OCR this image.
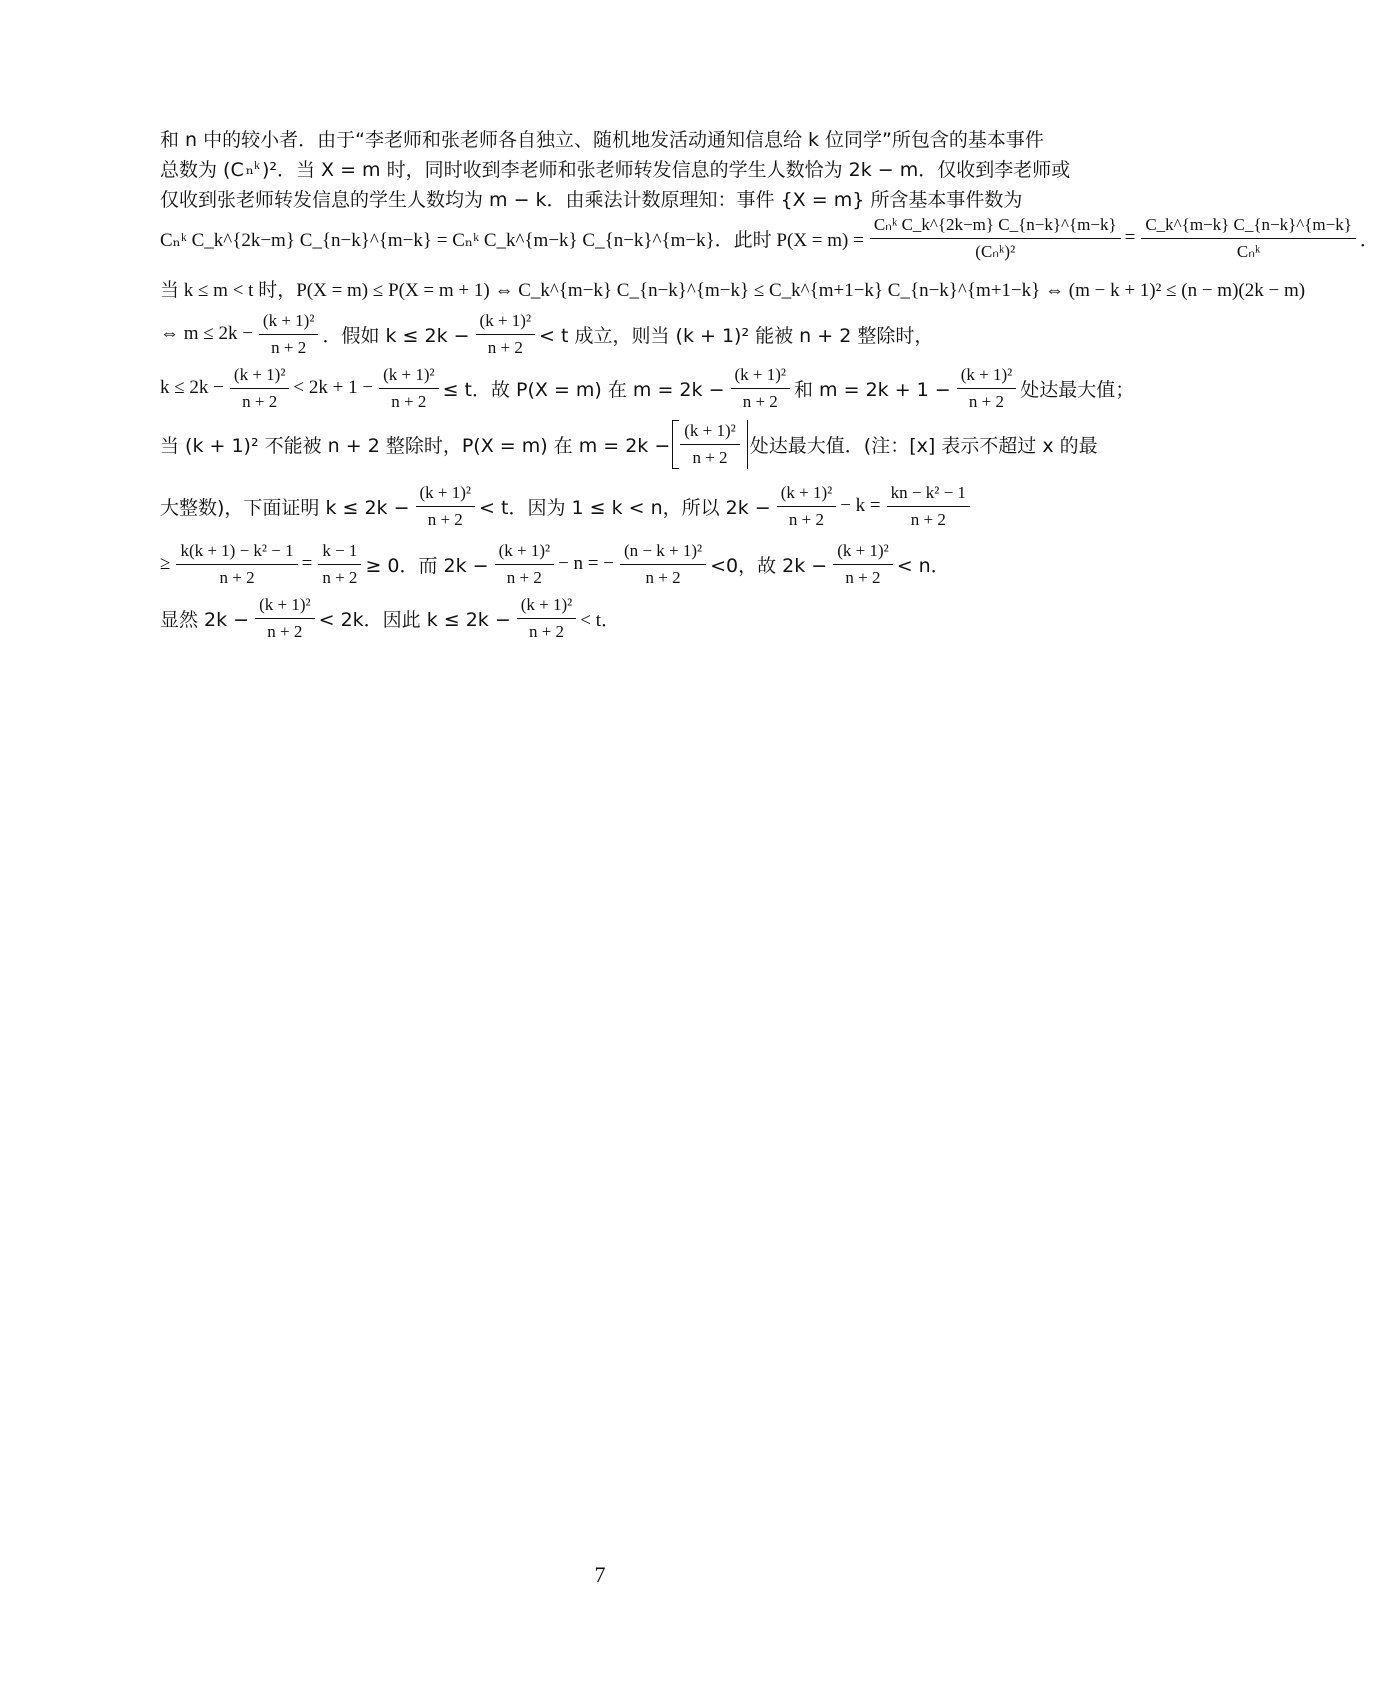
和 n 中的较小者．由于“李老师和张老师各自独立、随机地发活动通知信息给 k 位同学”所包含的基本事件
总数为 (C ₙᵏ )²．当 X = m 时，同时收到李老师和张老师转发信息的学生人数恰为 2k − m．仅收到李老师或
仅收到张老师转发信息的学生人数均为 m − k．由乘法计数原理知：事件 {X = m} 所含基本事件数为
Cₙᵏ C_k^{2k−m} C_{n−k}^{m−k} = Cₙᵏ C_k^{m−k} C_{n−k}^{m−k}．此时 $P(X = m) = \frac{\text{Cₙᵏ C\_k\textasciicircum{}\{2k−m\} C\_\{n−k\}\textasciicircum{}\{m−k\}}}{\text{(Cₙᵏ)²}} = \frac{C\_k\^{}\{m-k\} C\_\{n-k\}\^{}\{m-k\}}{\text{Cₙᵏ}}$ ．
当 k ≤ m < t 时，P(X = m) ≤ P(X = m + 1) ⇔ C_k^{m−k} C_{n−k}^{m−k} ≤ C_k^{m+1−k} C_{n−k}^{m+1−k} ⇔ (m − k + 1)² ≤ (n − m)(2k − m)
⇔ $m \le 2k - \frac{\text{(k + 1)²}}{n + 2}$ ．假如 $k \le 2k - \frac{\text{(k + 1)²}}{n + 2} < t$ 成立，则当 (k + 1)² 能被 n + 2 整除时，
$k \le 2k - \frac{\text{(k + 1)²}}{n + 2} < 2k + 1 - \frac{\text{(k + 1)²}}{n + 2} \le t$．故 P(X = m) 在 $m = 2k - \frac{\text{(k + 1)²}}{n + 2}$ 和 $m = 2k + 1 - \frac{\text{(k + 1)²}}{n + 2}$ 处达最大值；
当 (k + 1)² 不能被 n + 2 整除时，P(X = m) 在 $m = 2k - \frac{\text{(k + 1)²}}{n + 2}$ 处达最大值．(注：[x] 表示不超过 x 的最
大整数)，下面证明 $k \le 2k - \frac{\text{(k + 1)²}}{n + 2} < t$．因为 1 ≤ k < n，所以 $2k - \frac{\text{(k + 1)²}}{n + 2} - k = \frac{\text{kn − k² − 1}}{n + 2}$
≥ $\frac{\text{k(k + 1) − k² − 1}}{n + 2} = \frac{k - 1}{n + 2} \ge 0$．而 $2k - \frac{\text{(k + 1)²}}{n + 2} - n$ = − $\frac{\text{(n − k + 1)²}}{n + 2} <0$，故 $2k - \frac{\text{(k + 1)²}}{n + 2} < n$．
显然 $2k - \frac{\text{(k + 1)²}}{n + 2} < 2k$．因此 $k \le 2k - \frac{\text{(k + 1)²}}{n + 2} < t$．
7
